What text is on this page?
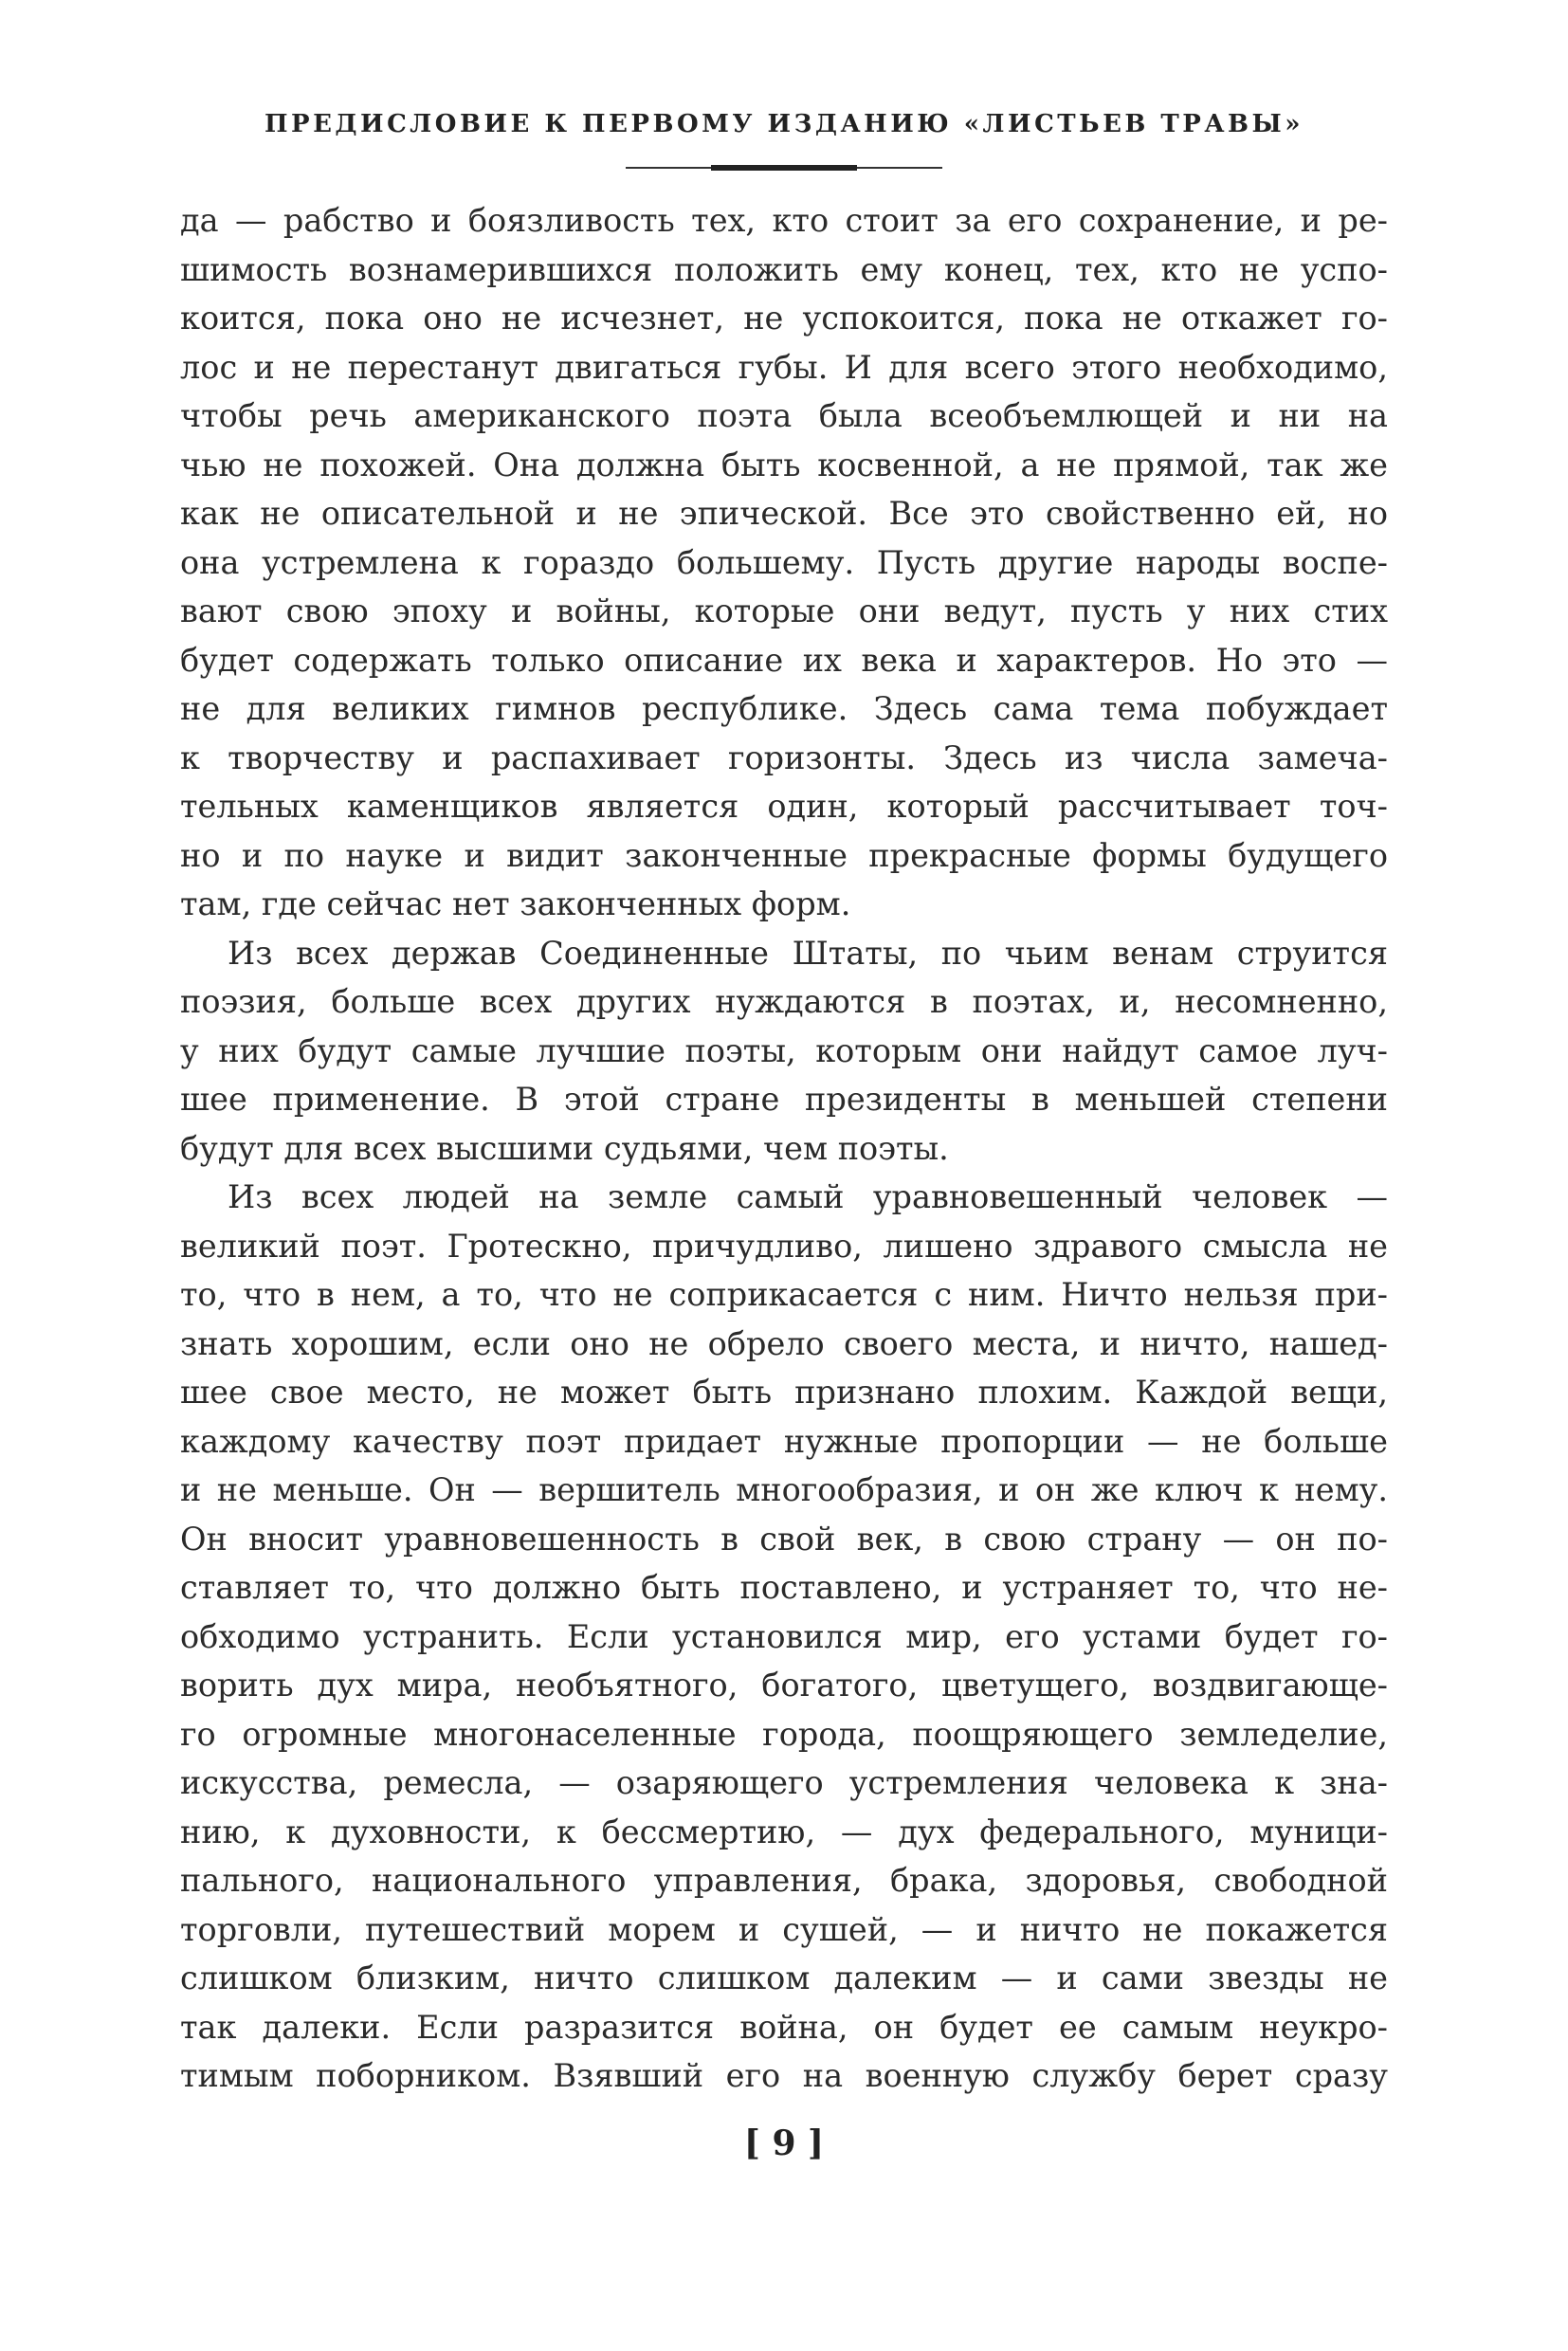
ПРЕДИСЛОВИЕ К ПЕРВОМУ ИЗДАНИЮ «ЛИСТЬЕВ ТРАВЫ»
да — рабство и боязливость тех, кто стоит за его сохранение, и ре-
шимость вознамерившихся положить ему конец, тех, кто не успо-
коится, пока оно не исчезнет, не успокоится, пока не откажет го-
лос и не перестанут двигаться губы. И для всего этого необходимо,
чтобы речь американского поэта была всеобъемлющей и ни на
чью не похожей. Она должна быть косвенной, а не прямой, так же
как не описательной и не эпической. Все это свойственно ей, но
она устремлена к гораздо большему. Пусть другие народы воспе-
вают свою эпоху и войны, которые они ведут, пусть у них стих
будет содержать только описание их века и характеров. Но это —
не для великих гимнов республике. Здесь сама тема побуждает
к творчеству и распахивает горизонты. Здесь из числа замеча-
тельных каменщиков является один, который рассчитывает точ-
но и по науке и видит законченные прекрасные формы будущего
там, где сейчас нет законченных форм.
Из всех держав Соединенные Штаты, по чьим венам струится
поэзия, больше всех других нуждаются в поэтах, и, несомненно,
у них будут самые лучшие поэты, которым они найдут самое луч-
шее применение. В этой стране президенты в меньшей степени
будут для всех высшими судьями, чем поэты.
Из всех людей на земле самый уравновешенный человек —
великий поэт. Гротескно, причудливо, лишено здравого смысла не
то, что в нем, а то, что не соприкасается с ним. Ничто нельзя при-
знать хорошим, если оно не обрело своего места, и ничто, нашед-
шее свое место, не может быть признано плохим. Каждой вещи,
каждому качеству поэт придает нужные пропорции — не больше
и не меньше. Он — вершитель многообразия, и он же ключ к нему.
Он вносит уравновешенность в свой век, в свою страну — он по-
ставляет то, что должно быть поставлено, и устраняет то, что не-
обходимо устранить. Если установился мир, его устами будет го-
ворить дух мира, необъятного, богатого, цветущего, воздвигающе-
го огромные многонаселенные города, поощряющего земледелие,
искусства, ремесла, — озаряющего устремления человека к зна-
нию, к духовности, к бессмертию, — дух федерального, муници-
пального, национального управления, брака, здоровья, свободной
торговли, путешествий морем и сушей, — и ничто не покажется
слишком близким, ничто слишком далеким — и сами звезды не
так далеки. Если разразится война, он будет ее самым неукро-
тимым поборником. Взявший его на военную службу берет сразу
[ 9 ]
